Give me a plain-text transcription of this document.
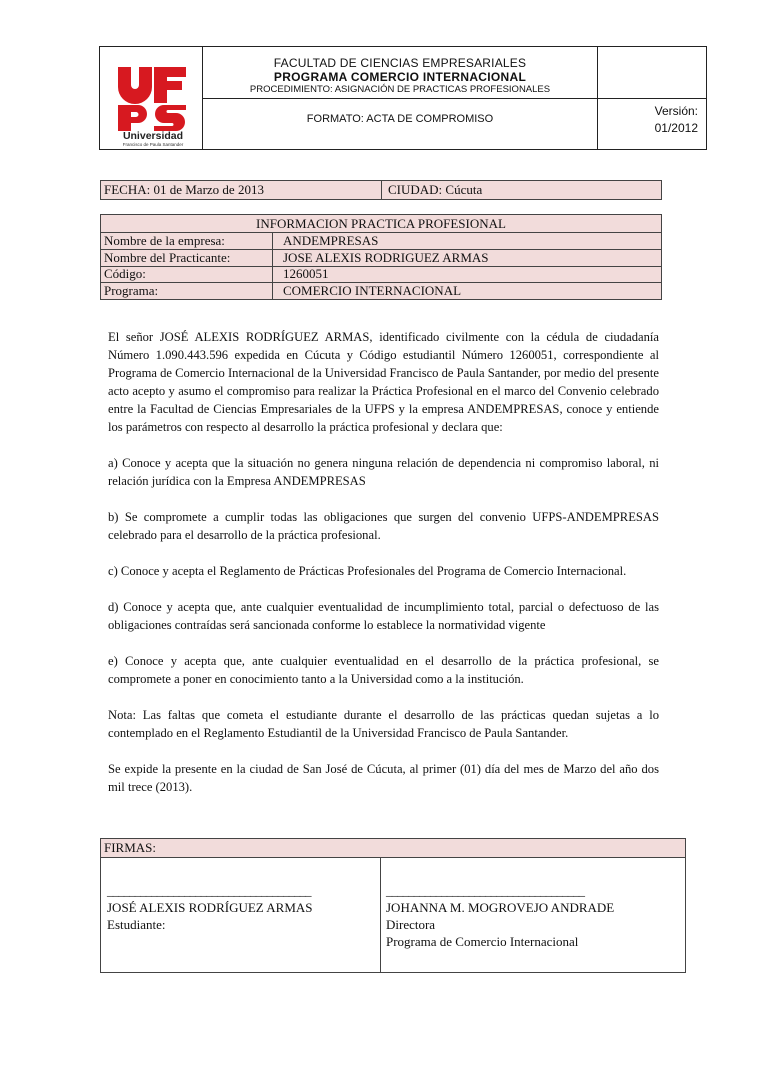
Universidad
Francisco de Paula Santander
FACULTAD DE CIENCIAS EMPRESARIALES
PROGRAMA COMERCIO INTERNACIONAL
PROCEDIMIENTO: ASIGNACIÓN DE PRACTICAS PROFESIONALES
FORMATO: ACTA DE COMPROMISO
Versión:
01/2012
FECHA: 01 de Marzo de 2013	CIUDAD: Cúcuta
INFORMACION PRACTICA PROFESIONAL
Nombre de la empresa:	ANDEMPRESAS
Nombre del Practicante:	JOSE ALEXIS RODRIGUEZ ARMAS
Código:	1260051
Programa:	COMERCIO INTERNACIONAL

El señor JOSÉ ALEXIS RODRÍGUEZ ARMAS, identificado civilmente con la cédula de ciudadanía Número 1.090.443.596 expedida en Cúcuta y Código estudiantil Número 1260051, correspondiente al Programa de Comercio Internacional de la Universidad Francisco de Paula Santander, por medio del presente acto acepto y asumo el compromiso para realizar la Práctica Profesional en el marco del Convenio celebrado entre la Facultad de Ciencias Empresariales de la UFPS y la empresa ANDEMPRESAS, conoce y entiende los parámetros con respecto al desarrollo la práctica profesional y declara que:

a) Conoce y acepta que la situación no genera ninguna relación de dependencia ni compromiso laboral, ni relación jurídica con la Empresa ANDEMPRESAS

b) Se compromete a cumplir todas las obligaciones que surgen del convenio UFPS-ANDEMPRESAS celebrado para el desarrollo de la práctica profesional.

c) Conoce y acepta el Reglamento de Prácticas Profesionales del Programa de Comercio Internacional.

d) Conoce y acepta que, ante cualquier eventualidad de incumplimiento total, parcial o defectuoso de las obligaciones contraídas será sancionada conforme lo establece la normatividad vigente

e) Conoce y acepta que, ante cualquier eventualidad en el desarrollo de la práctica profesional, se compromete a poner en conocimiento tanto a la Universidad como a la institución.

Nota: Las faltas que cometa el estudiante durante el desarrollo de las prácticas quedan sujetas a lo contemplado en el Reglamento Estudiantil de la Universidad Francisco de Paula Santander.

Se expide la presente en la ciudad de San José de Cúcuta, al primer (01) día del mes de Marzo del año dos mil trece (2013).

FIRMAS:
_____________________________________
JOSÉ ALEXIS RODRÍGUEZ ARMAS
Estudiante:
____________________________________
JOHANNA M. MOGROVEJO ANDRADE
Directora
Programa de Comercio Internacional
